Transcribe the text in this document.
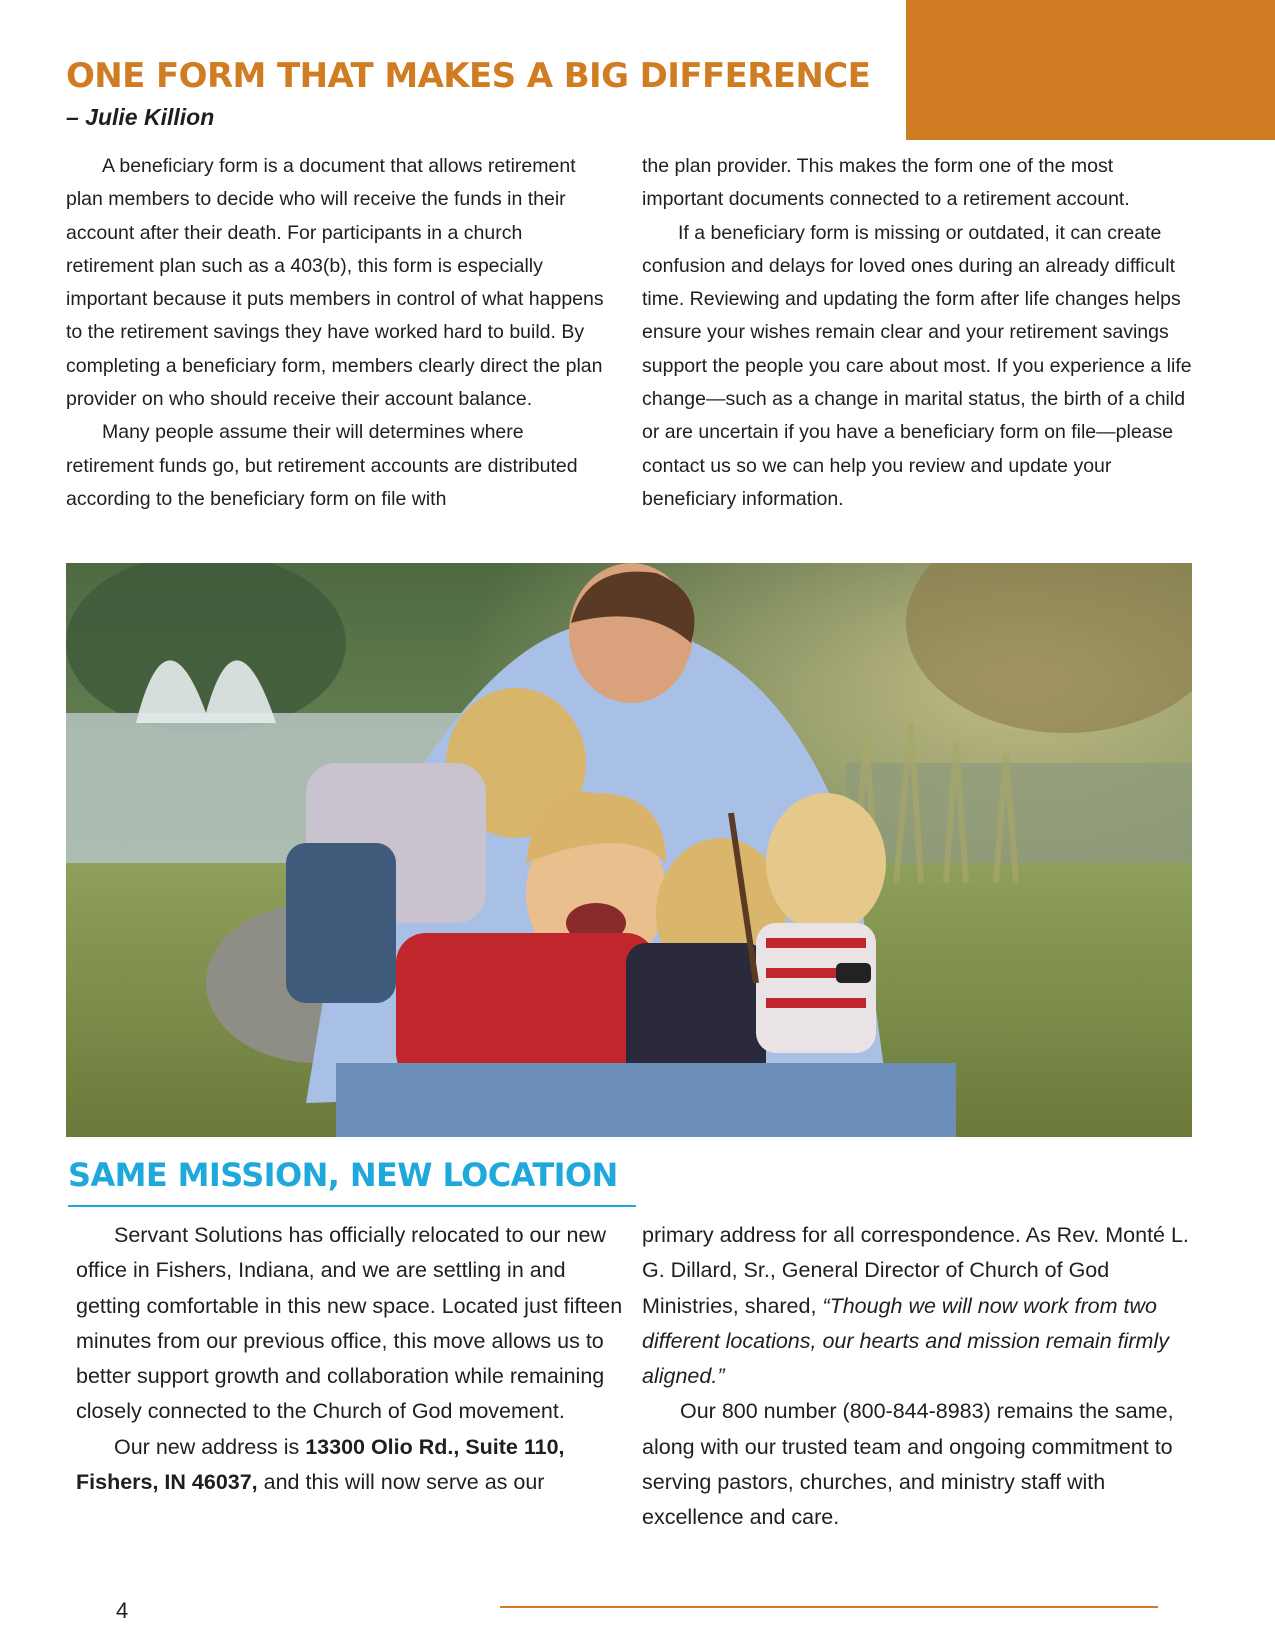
ONE FORM THAT MAKES A BIG DIFFERENCE
– Julie Killion

A beneficiary form is a document that allows retirement plan members to decide who will receive the funds in their account after their death. For participants in a church retirement plan such as a 403(b), this form is especially important because it puts members in control of what happens to the retirement savings they have worked hard to build. By completing a beneficiary form, members clearly direct the plan provider on who should receive their account balance.

Many people assume their will determines where retirement funds go, but retirement accounts are distributed according to the beneficiary form on file with

the plan provider. This makes the form one of the most important documents connected to a retirement account.

If a beneficiary form is missing or outdated, it can create confusion and delays for loved ones during an already difficult time. Reviewing and updating the form after life changes helps ensure your wishes remain clear and your retirement savings support the people you care about most. If you experience a life change—such as a change in marital status, the birth of a child or are uncertain if you have a beneficiary form on file—please contact us so we can help you review and update your beneficiary information.

SAME MISSION, NEW LOCATION

Servant Solutions has officially relocated to our new office in Fishers, Indiana, and we are settling in and getting comfortable in this new space. Located just fifteen minutes from our previous office, this move allows us to better support growth and collaboration while remaining closely connected to the Church of God movement.

Our new address is 13300 Olio Rd., Suite 110, Fishers, IN 46037, and this will now serve as our

primary address for all correspondence. As Rev. Monté L. G. Dillard, Sr., General Director of Church of God Ministries, shared, “Though we will now work from two different locations, our hearts and mission remain firmly aligned.”

Our 800 number (800-844-8983) remains the same, along with our trusted team and ongoing commitment to serving pastors, churches, and ministry staff with excellence and care.

4
